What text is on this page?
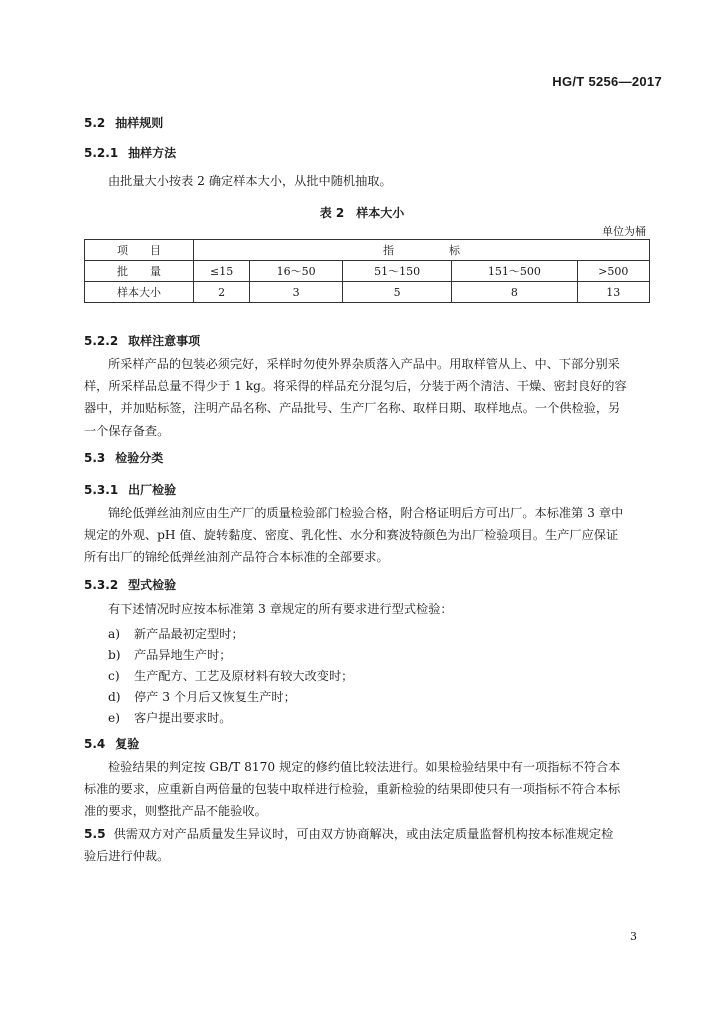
HG/T 5256—2017
5.2 抽样规则
5.2.1 抽样方法
由批量大小按表 2 确定样本大小，从批中随机抽取。
表 2　样本大小
单位为桶
项　　目	指　　　　　标				
批　　量	≤15	16～50	51～150	151～500	>500
样本大小	2	3	5	8	13
5.2.2 取样注意事项
所采样产品的包装必须完好，采样时勿使外界杂质落入产品中。用取样管从上、中、下部分别采
样，所采样品总量不得少于 1 kg。将采得的样品充分混匀后，分装于两个清洁、干燥、密封良好的容
器中，并加贴标签，注明产品名称、产品批号、生产厂名称、取样日期、取样地点。一个供检验，另
一个保存备查。
5.3 检验分类
5.3.1 出厂检验
锦纶低弹丝油剂应由生产厂的质量检验部门检验合格，附合格证明后方可出厂。本标准第 3 章中
规定的外观、pH 值、旋转黏度、密度、乳化性、水分和赛波特颜色为出厂检验项目。生产厂应保证
所有出厂的锦纶低弹丝油剂产品符合本标准的全部要求。
5.3.2 型式检验
有下述情况时应按本标准第 3 章规定的所有要求进行型式检验：
a) 新产品最初定型时；
b) 产品异地生产时；
c) 生产配方、工艺及原材料有较大改变时；
d) 停产 3 个月后又恢复生产时；
e) 客户提出要求时。
5.4 复验
检验结果的判定按 GB/T 8170 规定的修约值比较法进行。如果检验结果中有一项指标不符合本
标准的要求，应重新自两倍量的包装中取样进行检验，重新检验的结果即使只有一项指标不符合本标
准的要求，则整批产品不能验收。
5.5 供需双方对产品质量发生异议时，可由双方协商解决，或由法定质量监督机构按本标准规定检
验后进行仲裁。
3
